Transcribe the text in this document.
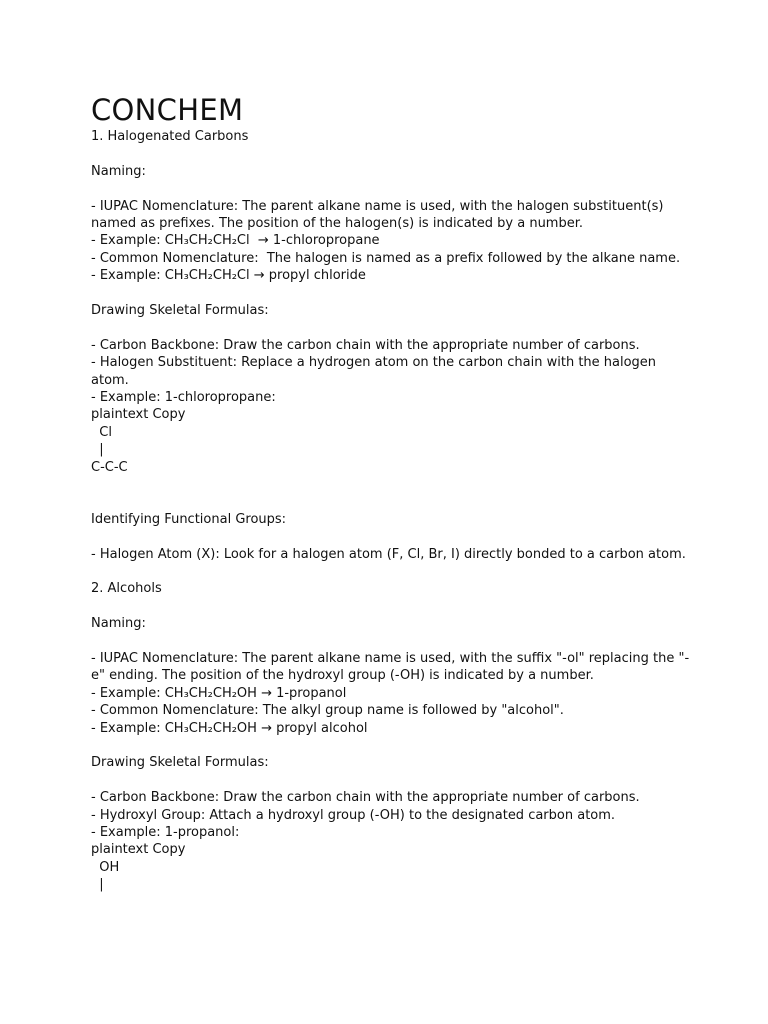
CONCHEM

1. Halogenated Carbons

Naming:

- IUPAC Nomenclature: The parent alkane name is used, with the halogen substituent(s) named as prefixes. The position of the halogen(s) is indicated by a number.

- Example: CH₃CH₂CH₂Cl  → 1-chloropropane

- Common Nomenclature:  The halogen is named as a prefix followed by the alkane name.

- Example: CH₃CH₂CH₂Cl → propyl chloride

Drawing Skeletal Formulas:

- Carbon Backbone: Draw the carbon chain with the appropriate number of carbons.

- Halogen Substituent: Replace a hydrogen atom on the carbon chain with the halogen atom.

- Example: 1-chloropropane:

plaintext Copy

Cl

|

C-C-C

Identifying Functional Groups:

- Halogen Atom (X): Look for a halogen atom (F, Cl, Br, I) directly bonded to a carbon atom.

2. Alcohols

Naming:

- IUPAC Nomenclature: The parent alkane name is used, with the suffix "-ol" replacing the "-e" ending. The position of the hydroxyl group (-OH) is indicated by a number.

- Example: CH₃CH₂CH₂OH → 1-propanol

- Common Nomenclature: The alkyl group name is followed by "alcohol".

- Example: CH₃CH₂CH₂OH → propyl alcohol

Drawing Skeletal Formulas:

- Carbon Backbone: Draw the carbon chain with the appropriate number of carbons.

- Hydroxyl Group: Attach a hydroxyl group (-OH) to the designated carbon atom.

- Example: 1-propanol:

plaintext Copy

OH

|
